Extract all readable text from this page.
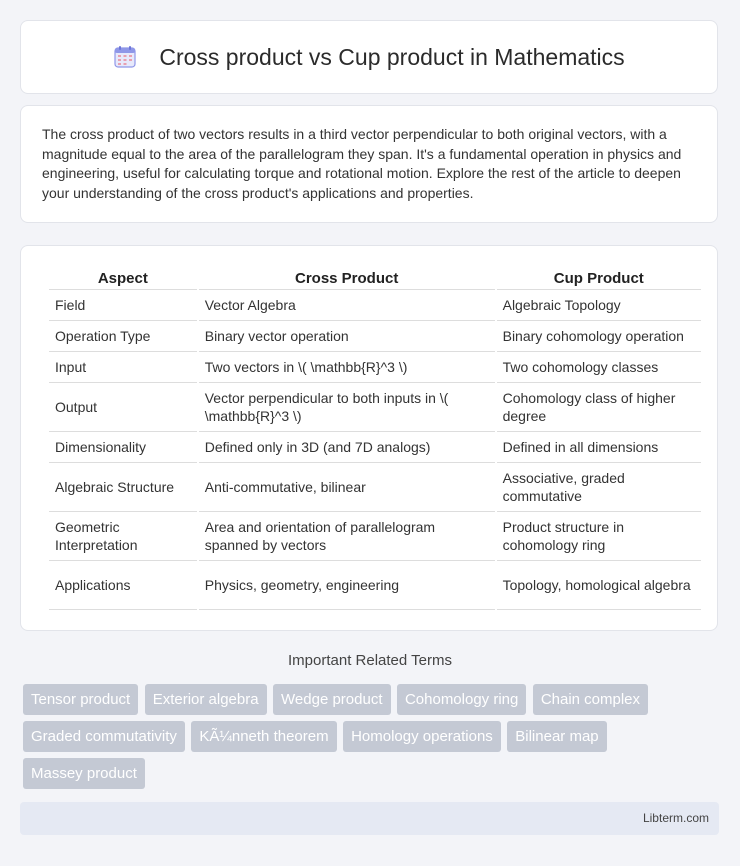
Cross product vs Cup product in Mathematics

The cross product of two vectors results in a third vector perpendicular to both original vectors, with a magnitude equal to the area of the parallelogram they span. It's a fundamental operation in physics and engineering, useful for calculating torque and rotational motion. Explore the rest of the article to deepen your understanding of the cross product's applications and properties.

Aspect	Cross Product	Cup Product
Field	Vector Algebra	Algebraic Topology
Operation Type	Binary vector operation	Binary cohomology operation
Input	Two vectors in \( \mathbb{R}^3 \)	Two cohomology classes
Output	Vector perpendicular to both inputs in \( \mathbb{R}^3 \)	Cohomology class of higher degree
Dimensionality	Defined only in 3D (and 7D analogs)	Defined in all dimensions
Algebraic Structure	Anti-commutative, bilinear	Associative, graded commutative
Geometric Interpretation	Area and orientation of parallelogram spanned by vectors	Product structure in cohomology ring
Applications	Physics, geometry, engineering	Topology, homological algebra
Important Related Terms
Tensor product Exterior algebra Wedge product Cohomology ring Chain complex Graded commutativity KÃ¼nneth theorem Homology operations Bilinear map Massey product
Libterm.com
